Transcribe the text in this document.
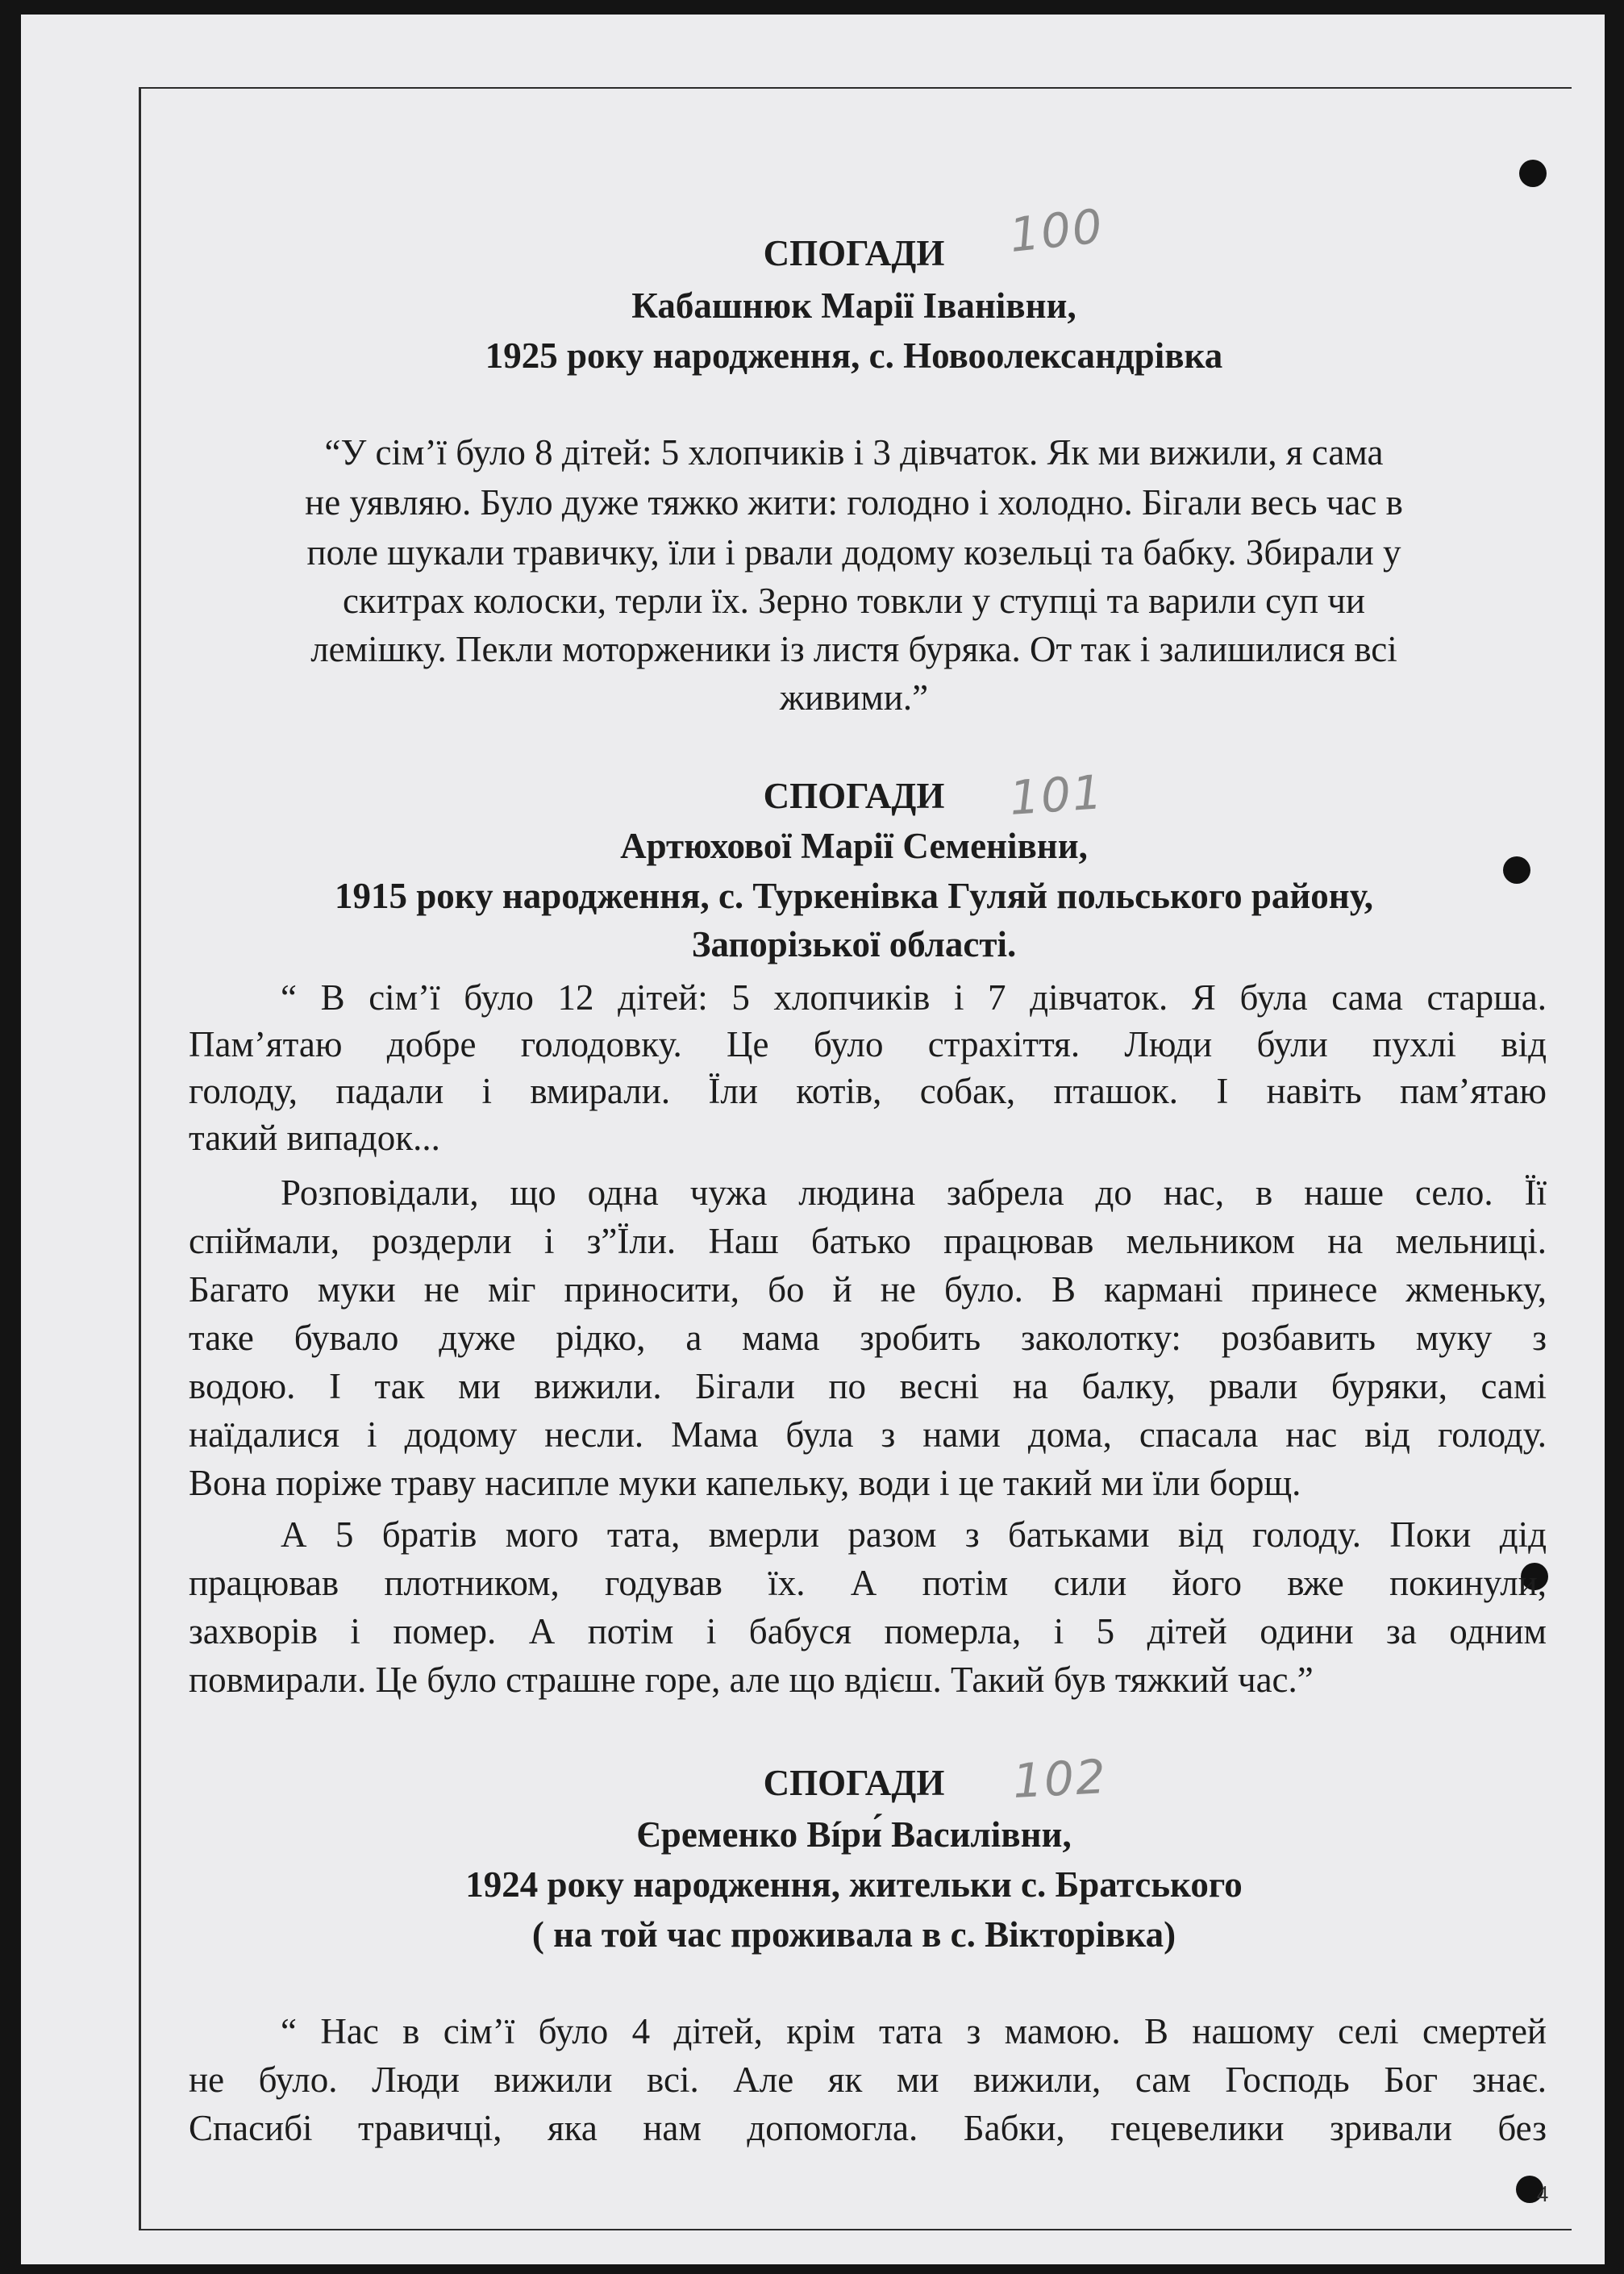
СПОГАДИ	100
Кабашнюк Марії Іванівни,
1925 року народження, с. Новоолександрівка
“У сім’ї було 8 дітей: 5 хлопчиків і 3 дівчаток. Як ми вижили, я сама
не уявляю. Було дуже тяжко жити: голодно і холодно. Бігали весь час в
поле шукали травичку, їли і рвали додому козельці та бабку. Збирали у
скитрах колоски, терли їх. Зерно товкли у ступці та варили суп чи
лемішку. Пекли моторженики із листя буряка. От так і залишилися всі
живими.”
СПОГАДИ	101
Артюхової Марії Семенівни,
1915 року народження, с. Туркенівка Гуляй польського району,
Запорізької області.
“ В сім’ї було 12 дітей: 5 хлопчиків і 7 дівчаток. Я була сама старша.
Пам’ятаю добре голодовку. Це було страхіття. Люди були пухлі від
голоду, падали і вмирали. Їли котів, собак, пташок. І навіть пам’ятаю
такий випадок...
Розповідали, що одна чужа людина забрела до нас, в наше село. Її
спіймали, роздерли і з”Їли. Наш батько працював мельником на мельниці.
Багато муки не міг приносити, бо й не було. В кармані принесе жменьку,
таке бувало дуже рідко, а мама зробить заколотку: розбавить муку з
водою. І так ми вижили. Бігали по весні на балку, рвали буряки, самі
наїдалися і додому несли. Мама була з нами дома, спасала нас від голоду.
Вона поріже траву насипле муки капельку, води і це такий ми їли борщ.
А 5 братів мого тата, вмерли разом з батьками від голоду. Поки дід
працював плотником, годував їх. А потім сили його вже покинули,
захворів і помер. А потім і бабуся померла, і 5 дітей одини за одним
повмирали. Це було страшне горе, але що вдієш. Такий був тяжкий час.”
СПОГАДИ	102
Єременко Вíри́ Василівни,
1924 року народження, жительки с. Братського
( на той час проживала в с. Вікторівка)
“ Нас в сім’ї було 4 дітей, крім тата з мамою. В нашому селі смертей
не було. Люди вижили всі. Але як ми вижили, сам Господь Бог знає.
Спасибі травичці, яка нам допомогла. Бабки, гецевелики зривали без
4
